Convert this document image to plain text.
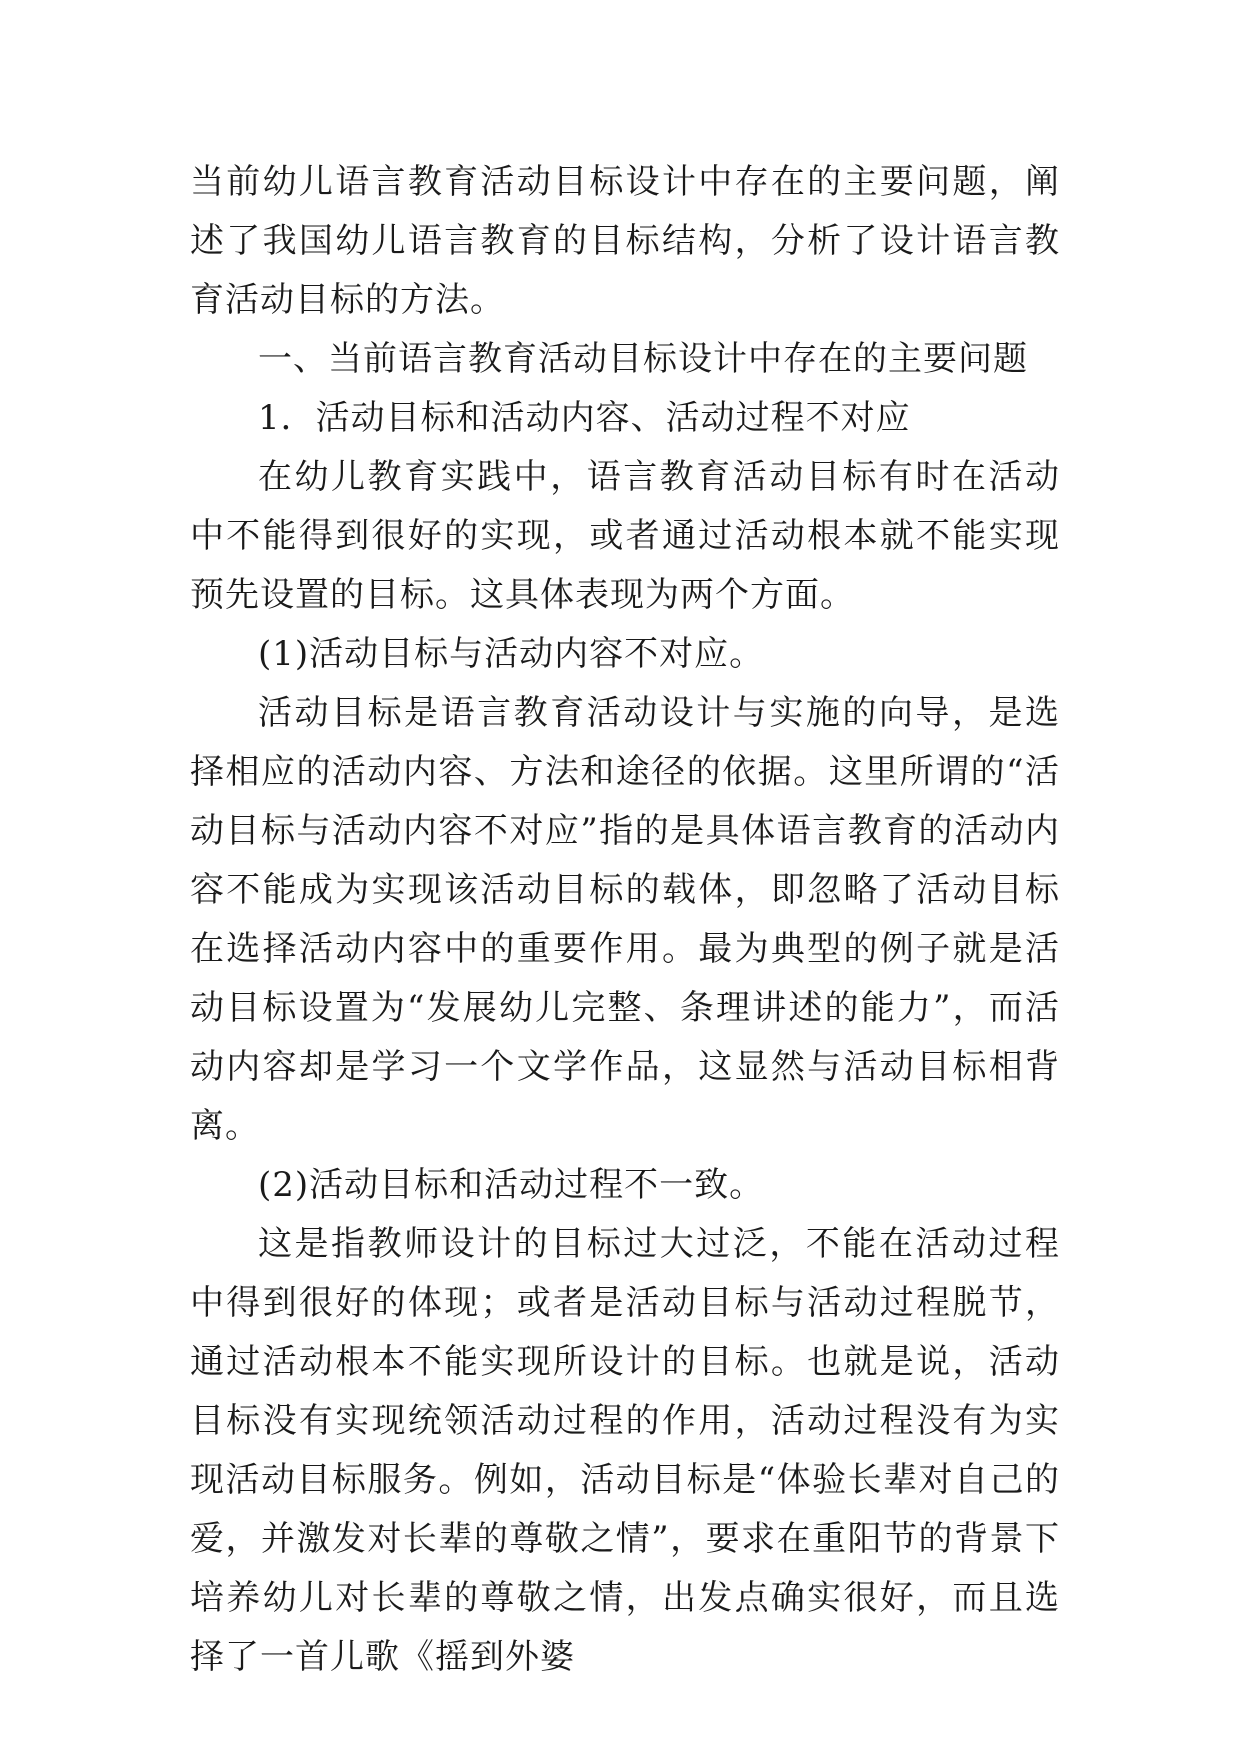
当前幼儿语言教育活动目标设计中存在的主要问题，阐述了我国幼儿语言教育的目标结构，分析了设计语言教育活动目标的方法。

一、当前语言教育活动目标设计中存在的主要问题

1．活动目标和活动内容、活动过程不对应

在幼儿教育实践中，语言教育活动目标有时在活动中不能得到很好的实现，或者通过活动根本就不能实现预先设置的目标。这具体表现为两个方面。

(1)活动目标与活动内容不对应。

活动目标是语言教育活动设计与实施的向导，是选择相应的活动内容、方法和途径的依据。这里所谓的“活动目标与活动内容不对应”指的是具体语言教育的活动内容不能成为实现该活动目标的载体，即忽略了活动目标在选择活动内容中的重要作用。最为典型的例子就是活动目标设置为“发展幼儿完整、条理讲述的能力”，而活动内容却是学习一个文学作品，这显然与活动目标相背离。

(2)活动目标和活动过程不一致。

这是指教师设计的目标过大过泛，不能在活动过程中得到很好的体现；或者是活动目标与活动过程脱节，通过活动根本不能实现所设计的目标。也就是说，活动目标没有实现统领活动过程的作用，活动过程没有为实现活动目标服务。例如，活动目标是“体验长辈对自己的爱，并激发对长辈的尊敬之情”，要求在重阳节的背景下培养幼儿对长辈的尊敬之情，出发点确实很好，而且选择了一首儿歌《摇到外婆
